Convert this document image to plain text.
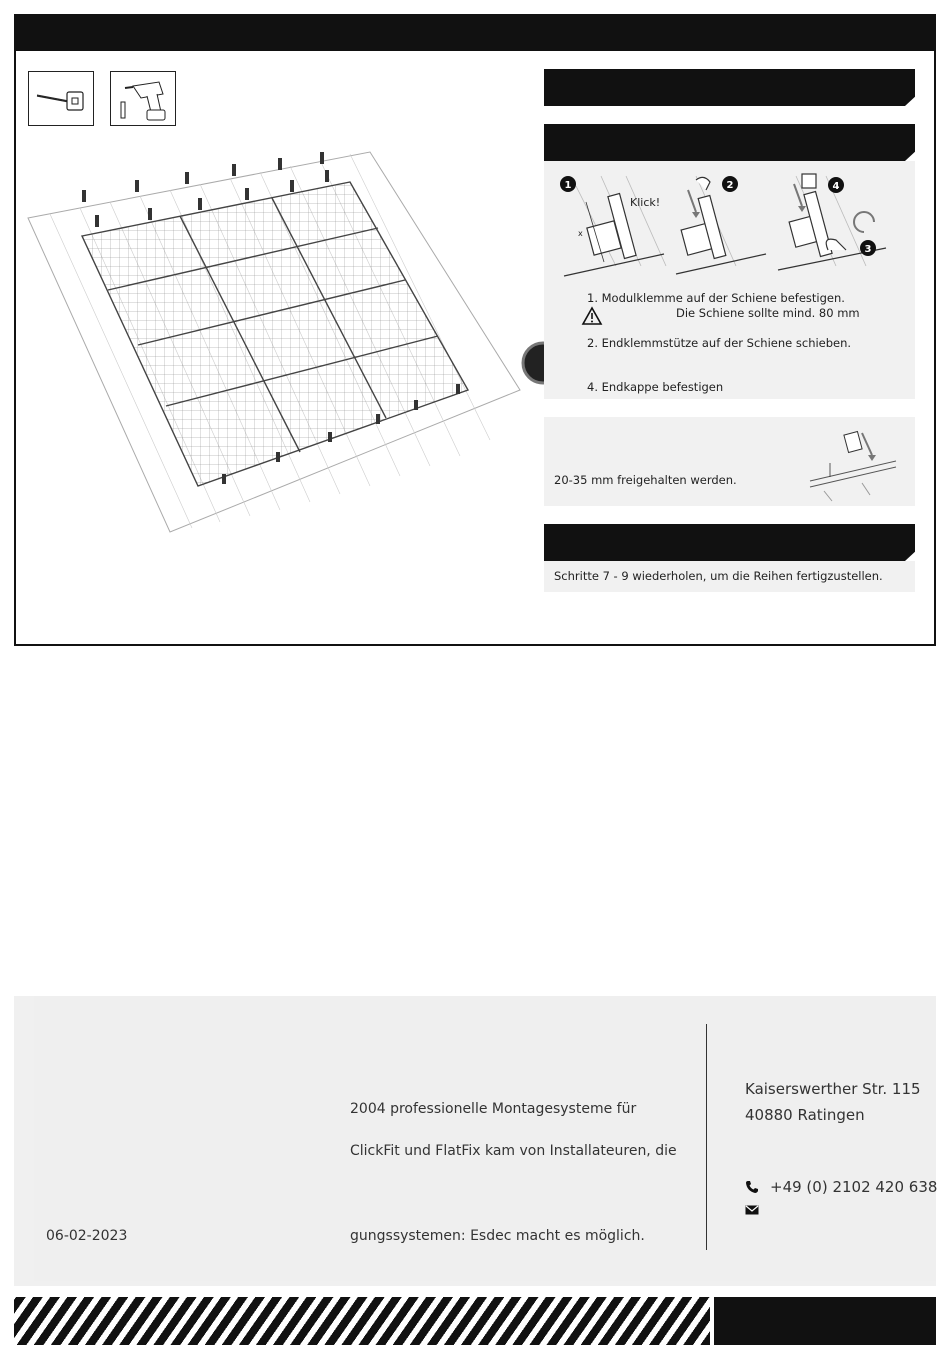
1	2	4
3
Klick!
x
1. Modulklemme auf der Schiene befestigen.
Die Schiene sollte mind. 80 mm
2. Endklemmstütze auf der Schiene schieben.
4. Endkappe befestigen
20-35 mm freigehalten werden.
Schritte 7 - 9 wiederholen, um die Reihen fertigzustellen.
06-02-2023
2004 professionelle Montagesysteme für
ClickFit und FlatFix kam von Installateuren, die
gungssystemen: Esdec macht es möglich.
Kaiserswerther Str. 115
40880 Ratingen
+49 (0) 2102 420 638
